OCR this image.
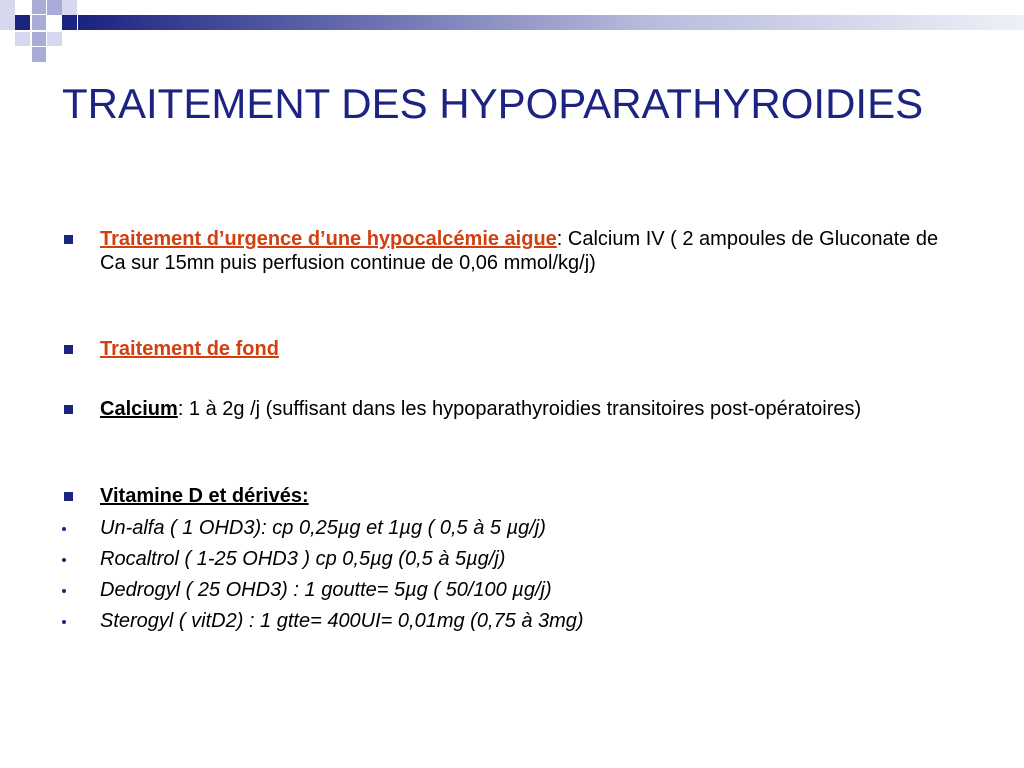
TRAITEMENT DES HYPOPARATHYROIDIES
Traitement d’urgence d’une hypocalcémie aigue: Calcium IV ( 2 ampoules de Gluconate de Ca sur 15mn puis perfusion continue de 0,06 mmol/kg/j)
Traitement de fond
Calcium: 1 à 2g /j (suffisant dans les hypoparathyroidies transitoires post-opératoires)
Vitamine D et dérivés:
Un-alfa ( 1 OHD3): cp 0,25µg et 1µg ( 0,5 à 5 µg/j)
Rocaltrol ( 1-25 OHD3 ) cp 0,5µg (0,5 à 5µg/j)
Dedrogyl ( 25 OHD3) : 1 goutte= 5µg ( 50/100 µg/j)
Sterogyl ( vitD2) : 1 gtte= 400UI= 0,01mg (0,75 à 3mg)
